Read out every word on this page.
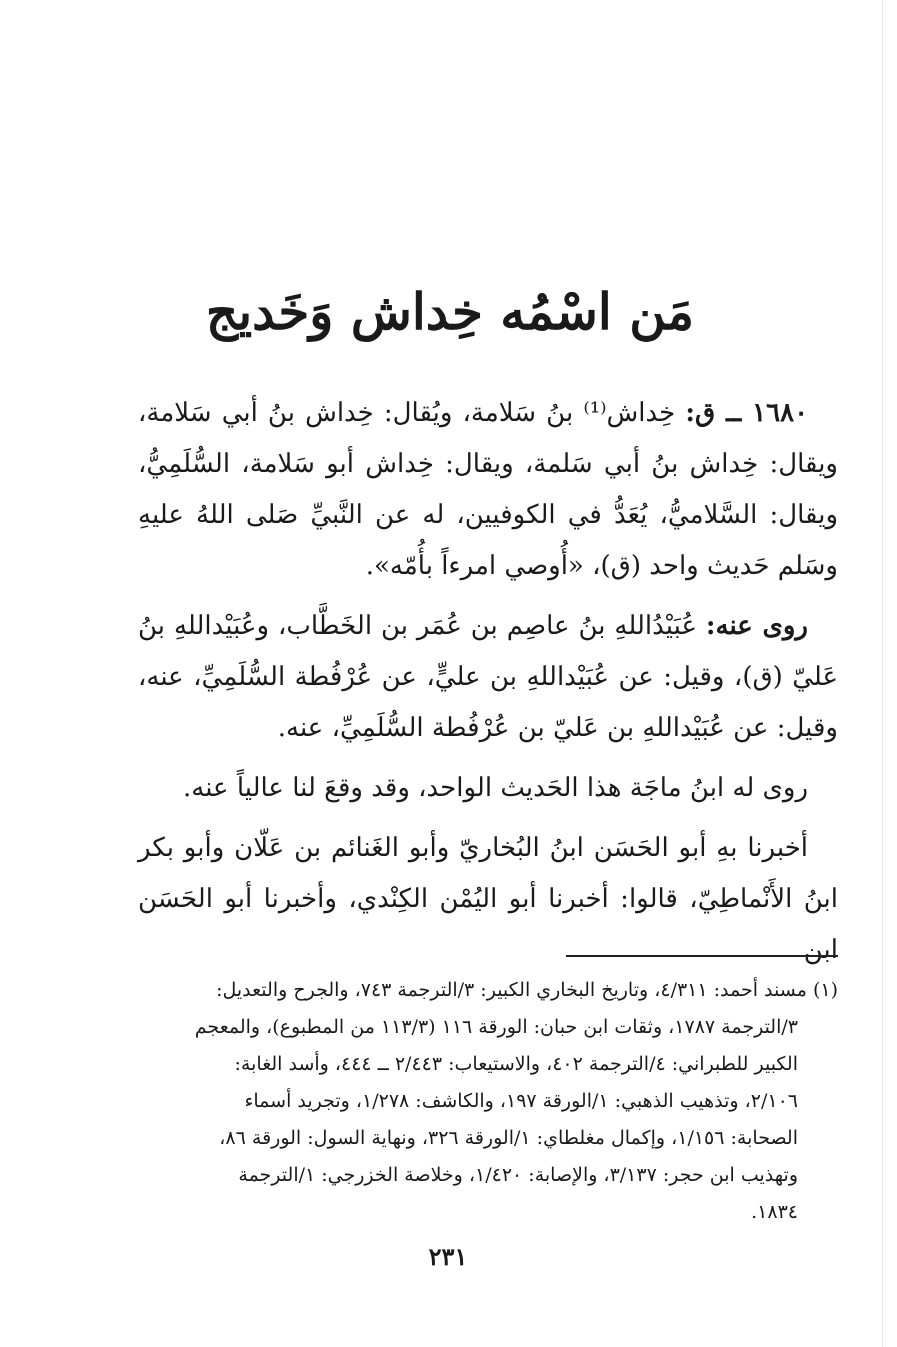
مَن اسْمُه خِداش وَخَديج

١٦٨٠ ــ ق: خِداش⁽¹⁾ بنُ سَلامة، ويُقال: خِداش بنُ أبي سَلامة، ويقال: خِداش بنُ أبي سَلمة، ويقال: خِداش أبو سَلامة، السُّلَمِيُّ، ويقال: السَّلاميُّ، يُعَدُّ في الكوفيين، له عن النَّبيِّ صَلى اللهُ عليهِ وسَلم حَديث واحد (ق)، «أُوصي امرءاً بأُمّه».

روى عنه: عُبَيْدُاللهِ بنُ عاصِم بن عُمَر بن الخَطَّاب، وعُبَيْداللهِ بنُ عَليّ (ق)، وقيل: عن عُبَيْداللهِ بن عليٍّ، عن عُرْفُطة السُّلَمِيِّ، عنه، وقيل: عن عُبَيْداللهِ بن عَليّ بن عُرْفُطة السُّلَمِيِّ، عنه.

روى له ابنُ ماجَة هذا الحَديث الواحد، وقد وقعَ لنا عالياً عنه.

أخبرنا بهِ أبو الحَسَن ابنُ البُخاريّ وأبو الغَنائم بن عَلّان وأبو بكر ابنُ الأَنْماطِيّ، قالوا: أخبرنا أبو اليُمْن الكِنْدي، وأخبرنا أبو الحَسَن ابن

(١) مسند أحمد: ٤/٣١١، وتاريخ البخاري الكبير: ٣/الترجمة ٧٤٣، والجرح والتعديل:
٣/الترجمة ١٧٨٧، وثقات ابن حبان: الورقة ١١٦ (١١٣/٣ من المطبوع)، والمعجم
الكبير للطبراني: ٤/الترجمة ٤٠٢، والاستيعاب: ٢/٤٤٣ ــ ٤٤٤، وأسد الغابة:
٢/١٠٦، وتذهيب الذهبي: ١/الورقة ١٩٧، والكاشف: ١/٢٧٨، وتجريد أسماء
الصحابة: ١/١٥٦، وإكمال مغلطاي: ١/الورقة ٣٢٦، ونهاية السول: الورقة ٨٦،
وتهذيب ابن حجر: ٣/١٣٧، والإصابة: ١/٤٢٠، وخلاصة الخزرجي: ١/الترجمة
١٨٣٤.
٢٣١
